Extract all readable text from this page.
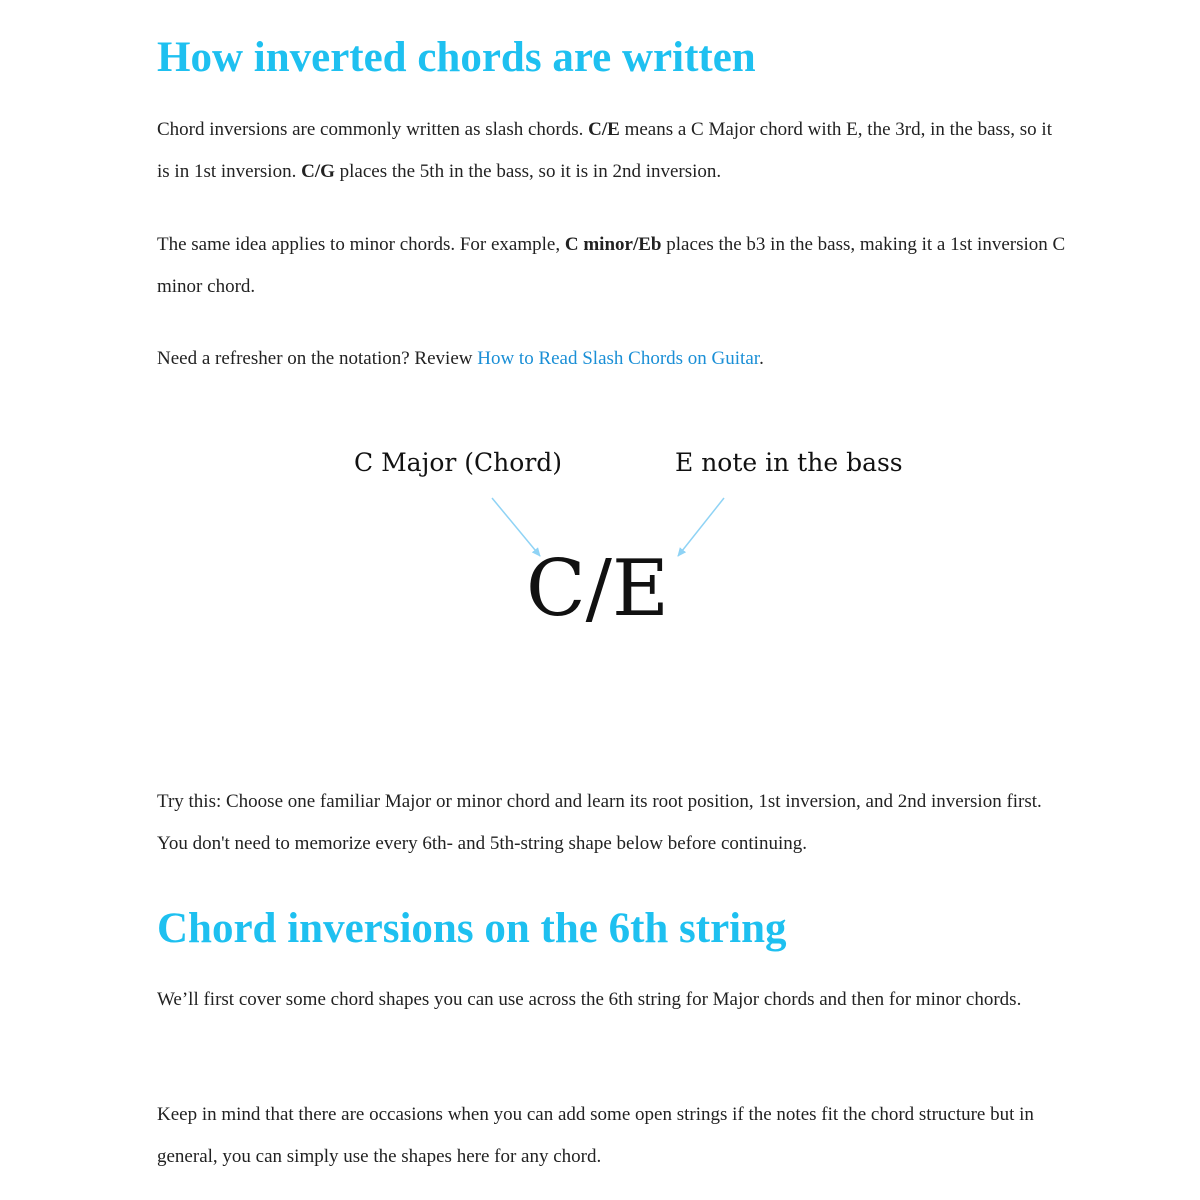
How inverted chords are written

Chord inversions are commonly written as slash chords. C/E means a C Major chord with E, the 3rd, in the bass, so it is in 1st inversion. C/G places the 5th in the bass, so it is in 2nd inversion.

The same idea applies to minor chords. For example, C minor/Eb places the b3 in the bass, making it a 1st inversion C minor chord.

Need a refresher on the notation? Review How to Read Slash Chords on Guitar.

Try this: Choose one familiar Major or minor chord and learn its root position, 1st inversion, and 2nd inversion first. You don't need to memorize every 6th- and 5th-string shape below before continuing.

Chord inversions on the 6th string

We’ll first cover some chord shapes you can use across the 6th string for Major chords and then for minor chords.

Keep in mind that there are occasions when you can add some open strings if the notes fit the chord structure but in general, you can simply use the shapes here for any chord.

C Major (Chord)	E note in the bass
C/E
